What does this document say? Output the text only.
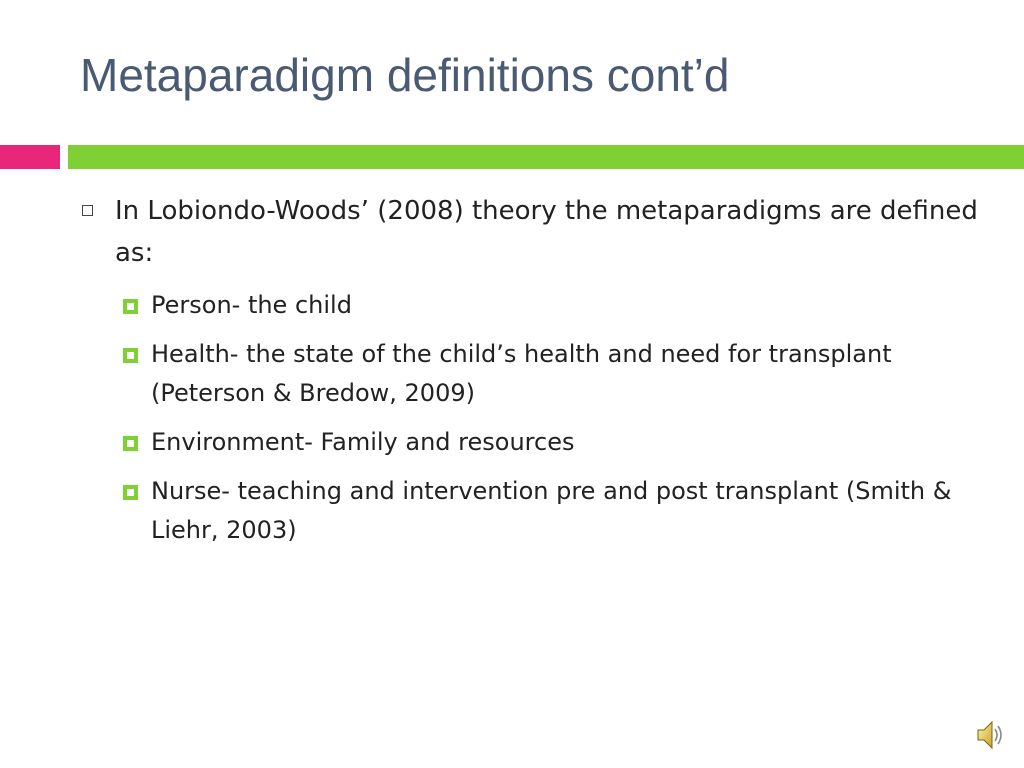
Metaparadigm definitions cont’d
In Lobiondo-Woods’ (2008) theory the metaparadigms are defined as:
Person- the child
Health- the state of the child’s health and need for transplant (Peterson & Bredow, 2009)
Environment- Family and resources
Nurse- teaching and intervention pre and post transplant (Smith & Liehr, 2003)
